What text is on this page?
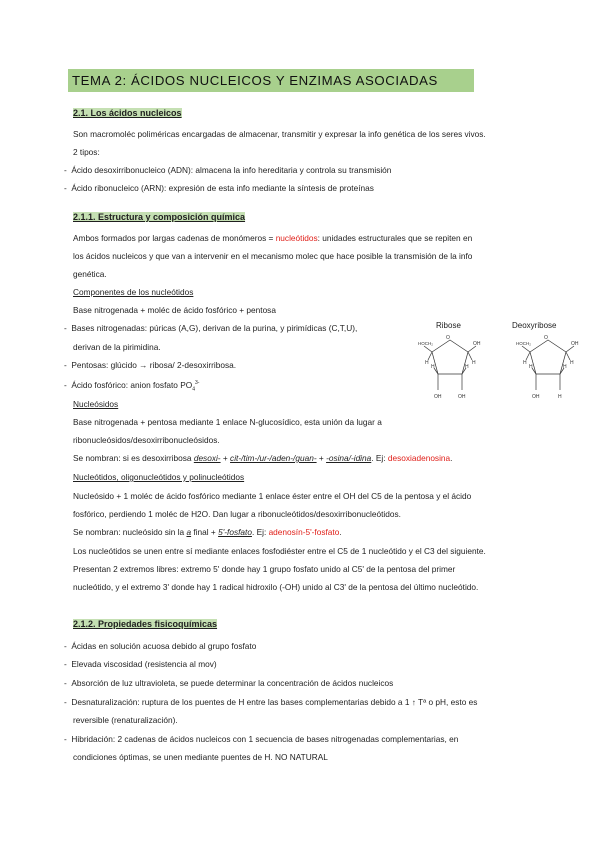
TEMA 2: ÁCIDOS NUCLEICOS Y ENZIMAS ASOCIADAS
2.1. Los ácidos nucleicos
Son macromoléc poliméricas encargadas de almacenar, transmitir y expresar la info genética de los seres vivos.
2 tipos:
-  Ácido desoxirribonucleico (ADN): almacena la info hereditaria y controla su transmisión
-  Ácido ribonucleico (ARN): expresión de esta info mediante la síntesis de proteínas
2.1.1. Estructura y composición química
Ambos formados por largas cadenas de monómeros = nucleótidos: unidades estructurales que se repiten en
los ácidos nucleicos y que van a intervenir en el mecanismo molec que hace posible la transmisión de la info
genética.
Componentes de los nucleótidos
Base nitrogenada + moléc de ácido fosfórico + pentosa
-  Bases nitrogenadas: púricas (A,G), derivan de la purina, y pirimídicas (C,T,U),
derivan de la pirimidina.
-  Pentosas: glúcido → ribosa/ 2-desoxirribosa.
-  Ácido fosfórico: anion fosfato $PO_4^{3-}$
Nucleósidos
Base nitrogenada + pentosa mediante 1 enlace N-glucosídico, esta unión da lugar a
ribonucleósidos/desoxirribonucleósidos.
Se nombran: si es desoxirribosa desoxi- + cit-/tim-/ur-/aden-/guan- + -osina/-idina. Ej: desoxiadenosina.
Nucleótidos, oligonucleótidos y polinucleótidos
Nucleósido + 1 moléc de ácido fosfórico mediante 1 enlace éster entre el OH del C5 de la pentosa y el ácido
fosfórico, perdiendo 1 moléc de H2O. Dan lugar a ribonucleótidos/desoxirribonucleótidos.
Se nombran: nucleósido sin la a final + 5'-fosfato. Ej: adenosín-5'-fosfato.
Los nucleótidos se unen entre sí mediante enlaces fosfodiéster entre el C5 de 1 nucleótido y el C3 del siguiente.
Presentan 2 extremos libres: extremo 5' donde hay 1 grupo fosfato unido al C5' de la pentosa del primer
nucleótido, y el extremo 3' donde hay 1 radical hidroxilo (-OH) unido al C3' de la pentosa del último nucleótido.
Ribose	Deoxyribose
O
HOCH₂	OH
H
H
OH
OH
H
H
O
HOCH₂	OH
H
H
H
OH
H
H
2.1.2. Propiedades fisicoquímicas
-  Ácidas en solución acuosa debido al grupo fosfato
-  Elevada viscosidad (resistencia al mov)
-  Absorción de luz ultravioleta, se puede determinar la concentración de ácidos nucleicos
-  Desnaturalización: ruptura de los puentes de H entre las bases complementarias debido a 1 ↑ Tª o pH, esto es
reversible (renaturalización).
-  Hibridación: 2 cadenas de ácidos nucleicos con 1 secuencia de bases nitrogenadas complementarias, en
condiciones óptimas, se unen mediante puentes de H. NO NATURAL
